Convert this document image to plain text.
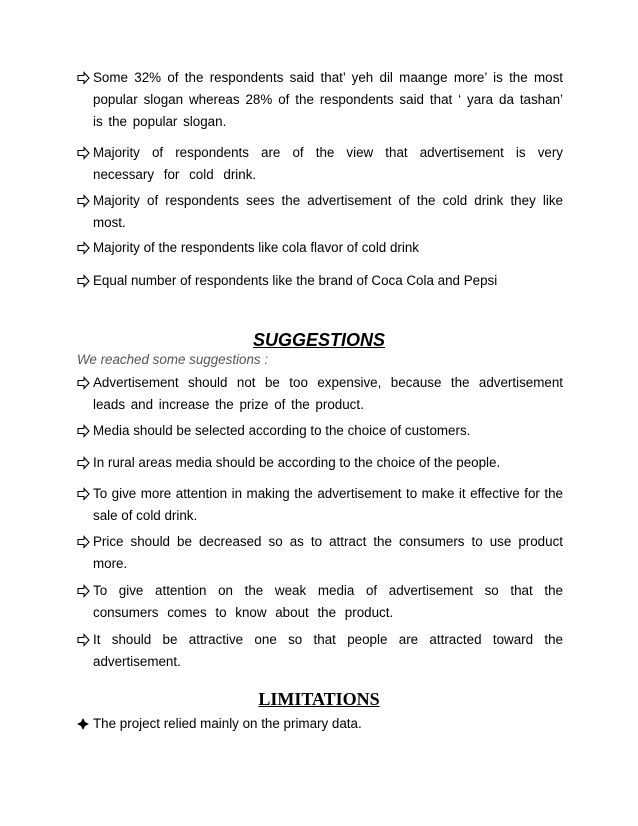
Some 32% of the respondents said that’ yeh dil maange more’ is the most popular slogan whereas 28% of the respondents said that ‘ yara da tashan’ is the popular slogan.
Majority of respondents are of the view that advertisement is very necessary for cold drink.
Majority of respondents sees the advertisement of the cold drink they like most.
Majority of the respondents like cola flavor of cold drink
Equal number of respondents like the brand of Coca Cola and Pepsi
SUGGESTIONS
We reached some suggestions :
Advertisement should not be too expensive, because the advertisement leads and increase the prize of the product.
Media should be selected according to the choice of customers.
In rural areas media should be according to the choice of the people.
To give more attention in making the advertisement to make it effective for the sale of cold drink.
Price should be decreased so as to attract the consumers to use product more.
To give attention on the weak media of advertisement so that the consumers comes to know about the product.
It should be attractive one so that people are attracted toward the advertisement.
LIMITATIONS
The project relied mainly on the primary data.
